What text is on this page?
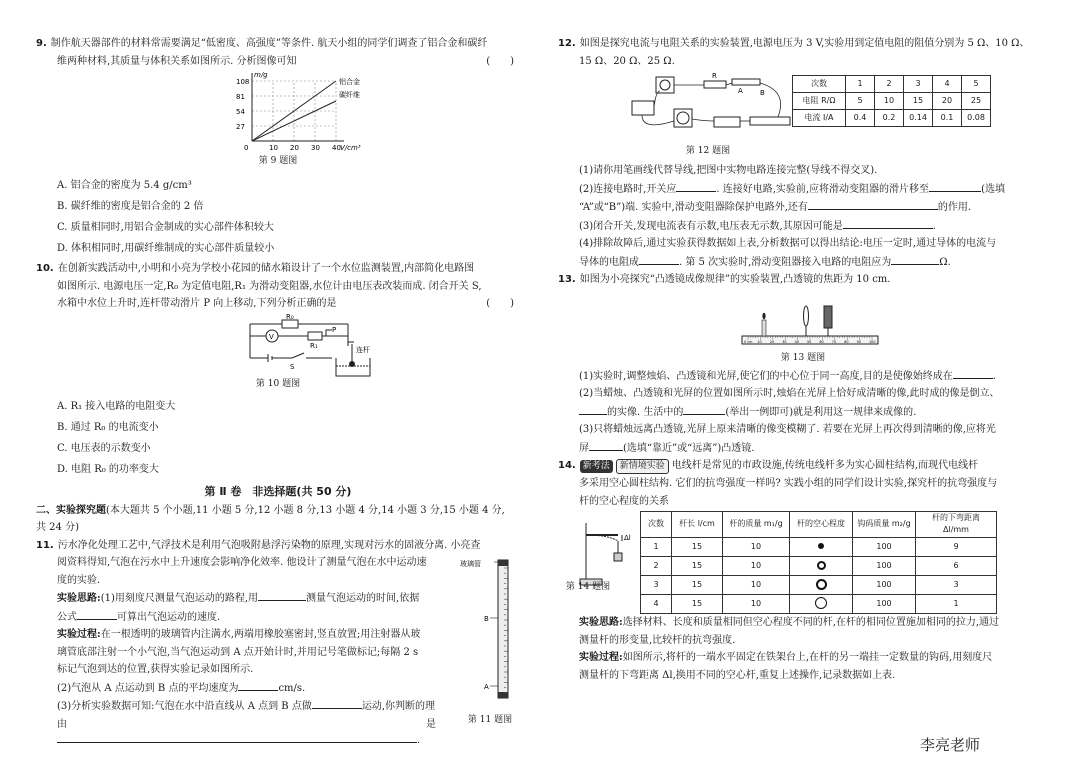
9. 制作航天器部件的材料常需要满足“低密度、高强度”等条件. 航天小组的同学们调查了铝合金和碳纤

维两种材料,其质量与体积关系如图所示. 分析图像可知	(　　)

0	10 20 30 40
27
54
81
108
V/cm³
m/g
铝合金
碳纤维
第 9 题图

A. 铝合金的密度为 5.4 g/cm³

B. 碳纤维的密度是铝合金的 2 倍

C. 质量相同时,用铝合金制成的实心部件体积较大

D. 体积相同时,用碳纤维制成的实心部件质量较小

10. 在创新实践活动中,小明和小亮为学校小花园的储水箱设计了一个水位监测装置,内部简化电路图

如图所示. 电源电压一定,R₀ 为定值电阻,R₁ 为滑动变阻器,水位计由电压表改装而成. 闭合开关 S,

水箱中水位上升时,连杆带动滑片 P 向上移动,下列分析正确的是	(　　)

R₀
V
R₁
P
S
连杆
第 10 题图

A. R₁ 接入电路的电阻变大

B. 通过 R₀ 的电流变小

C. 电压表的示数变小

D. 电阻 R₀ 的功率变大

第 Ⅱ 卷　非选择题(共 50 分)

二、实验探究题(本大题共 5 个小题,11 小题 5 分,12 小题 8 分,13 小题 4 分,14 小题 3 分,15 小题 4 分,

共 24 分)

11. 污水净化处理工艺中,气浮技术是利用气泡吸附悬浮污染物的原理,实现对污水的固液分离. 小亮查

阅资料得知,气泡在污水中上升速度会影响净化效率. 他设计了测量气泡在水中运动速

度的实验.

实验思路:(1)用刻度尺测量气泡运动的路程,用	测量气泡运动的时间,依据

公式	可算出气泡运动的速度.

实验过程:在一根透明的玻璃管内注满水,两端用橡胶塞密封,竖直放置;用注射器从玻

璃管底部注射一个小气泡,当气泡运动到 A 点开始计时,并用记号笔做标记;每隔 2 s

标记气泡到达的位置,获得实验记录如图所示.

(2)气泡从 A 点运动到 B 点的平均速度为	cm/s.

(3)分析实验数据可知:气泡在水中沿直线从 A 点到 B 点做	运动,你判断的理

由是.

玻璃管
B
A
第 11 题图

12. 如图是探究电流与电阻关系的实验装置,电源电压为 3 V,实验用到定值电阻的阻值分别为 5 Ω、10 Ω、

15 Ω、20 Ω、25 Ω.

R
A B
次数	1	2	3	4	5
电阻 R/Ω	5	10	15	20	25
电流 I/A	0.4	0.2	0.14	0.1	0.08
第 12 题图

(1)请你用笔画线代替导线,把图中实物电路连接完整(导线不得交叉).

(2)连接电路时,开关应	. 连接好电路,实验前,应将滑动变阻器的滑片移至	(选填

“A”或“B”)端. 实验中,滑动变阻器除保护电路外,还有	的作用.

(3)闭合开关,发现电流表有示数,电压表无示数,其原因可能是	.

(4)排除故障后,通过实验获得数据如上表,分析数据可以得出结论:电压一定时,通过导体的电流与

导体的电阻成	. 第 5 次实验时,滑动变阻器接入电路的电阻应为	Ω.

13. 如图为小亮探究“凸透镜成像规律”的实验装置,凸透镜的焦距为 10 cm.

0 cm 10 20 30 40 50 60 70 80 90 100
第 13 题图

(1)实验时,调整烛焰、凸透镜和光屏,使它们的中心位于同一高度,目的是使像始终成在	.

(2)当蜡烛、凸透镜和光屏的位置如图所示时,烛焰在光屏上恰好成清晰的像,此时成的像是倒立、

的实像. 生活中的	(举出一例即可)就是利用这一规律来成像的.

(3)只将蜡烛远离凸透镜,光屏上原来清晰的像变模糊了. 若要在光屏上再次得到清晰的像,应将光

屏	(选填“靠近”或“远离”)凸透镜.

14. 新考法 新情境实验 电线杆是常见的市政设施,传统电线杆多为实心圆柱结构,而现代电线杆

多采用空心圆柱结构. 它们的抗弯强度一样吗? 实践小组的同学们设计实验,探究杆的抗弯强度与

杆的空心程度的关系

Δl
第 14 题图
次数	杆长 l/cm	杆的质量 m₁/g	杆的空心程度	钩码质量 m₂/g	杆的下弯距离 Δl/mm
1	15	10		100	9
2	15	10		100	6
3	15	10		100	3
4	15	10		100	1

实验思路:选择材料、长度和质量相同但空心程度不同的杆,在杆的相同位置施加相同的拉力,通过

测量杆的形变量,比较杆的抗弯强度.

实验过程:如图所示,将杆的一端水平固定在铁架台上,在杆的另一端挂一定数量的钩码,用刻度尺

测量杆的下弯距离 Δl,换用不同的空心杆,重复上述操作,记录数据如上表.

李亮老师
